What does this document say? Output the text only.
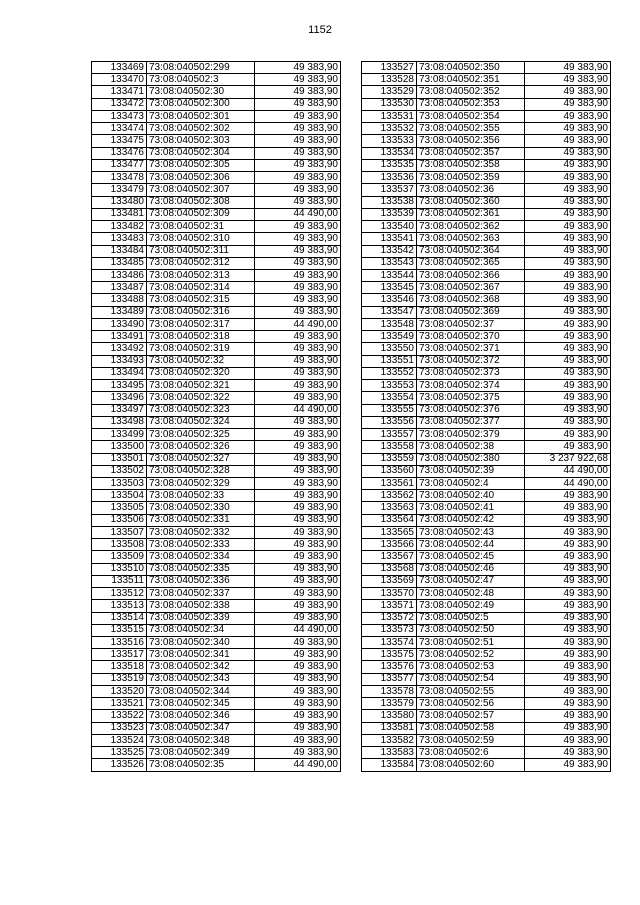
1152
133469	73:08:040502:299	49 383,90
133470	73:08:040502:3	49 383,90
133471	73:08:040502:30	49 383,90
133472	73:08:040502:300	49 383,90
133473	73:08:040502:301	49 383,90
133474	73:08:040502:302	49 383,90
133475	73:08:040502:303	49 383,90
133476	73:08:040502:304	49 383,90
133477	73:08:040502:305	49 383,90
133478	73:08:040502:306	49 383,90
133479	73:08:040502:307	49 383,90
133480	73:08:040502:308	49 383,90
133481	73:08:040502:309	44 490,00
133482	73:08:040502:31	49 383,90
133483	73:08:040502:310	49 383,90
133484	73:08:040502:311	49 383,90
133485	73:08:040502:312	49 383,90
133486	73:08:040502:313	49 383,90
133487	73:08:040502:314	49 383,90
133488	73:08:040502:315	49 383,90
133489	73:08:040502:316	49 383,90
133490	73:08:040502:317	44 490,00
133491	73:08:040502:318	49 383,90
133492	73:08:040502:319	49 383,90
133493	73:08:040502:32	49 383,90
133494	73:08:040502:320	49 383,90
133495	73:08:040502:321	49 383,90
133496	73:08:040502:322	49 383,90
133497	73:08:040502:323	44 490,00
133498	73:08:040502:324	49 383,90
133499	73:08:040502:325	49 383,90
133500	73:08:040502:326	49 383,90
133501	73:08:040502:327	49 383,90
133502	73:08:040502:328	49 383,90
133503	73:08:040502:329	49 383,90
133504	73:08:040502:33	49 383,90
133505	73:08:040502:330	49 383,90
133506	73:08:040502:331	49 383,90
133507	73:08:040502:332	49 383,90
133508	73:08:040502:333	49 383,90
133509	73:08:040502:334	49 383,90
133510	73:08:040502:335	49 383,90
133511	73:08:040502:336	49 383,90
133512	73:08:040502:337	49 383,90
133513	73:08:040502:338	49 383,90
133514	73:08:040502:339	49 383,90
133515	73:08:040502:34	44 490,00
133516	73:08:040502:340	49 383,90
133517	73:08:040502:341	49 383,90
133518	73:08:040502:342	49 383,90
133519	73:08:040502:343	49 383,90
133520	73:08:040502:344	49 383,90
133521	73:08:040502:345	49 383,90
133522	73:08:040502:346	49 383,90
133523	73:08:040502:347	49 383,90
133524	73:08:040502:348	49 383,90
133525	73:08:040502:349	49 383,90
133526	73:08:040502:35	44 490,00
133527	73:08:040502:350	49 383,90
133528	73:08:040502:351	49 383,90
133529	73:08:040502:352	49 383,90
133530	73:08:040502:353	49 383,90
133531	73:08:040502:354	49 383,90
133532	73:08:040502:355	49 383,90
133533	73:08:040502:356	49 383,90
133534	73:08:040502:357	49 383,90
133535	73:08:040502:358	49 383,90
133536	73:08:040502:359	49 383,90
133537	73:08:040502:36	49 383,90
133538	73:08:040502:360	49 383,90
133539	73:08:040502:361	49 383,90
133540	73:08:040502:362	49 383,90
133541	73:08:040502:363	49 383,90
133542	73:08:040502:364	49 383,90
133543	73:08:040502:365	49 383,90
133544	73:08:040502:366	49 383,90
133545	73:08:040502:367	49 383,90
133546	73:08:040502:368	49 383,90
133547	73:08:040502:369	49 383,90
133548	73:08:040502:37	49 383,90
133549	73:08:040502:370	49 383,90
133550	73:08:040502:371	49 383,90
133551	73:08:040502:372	49 383,90
133552	73:08:040502:373	49 383,90
133553	73:08:040502:374	49 383,90
133554	73:08:040502:375	49 383,90
133555	73:08:040502:376	49 383,90
133556	73:08:040502:377	49 383,90
133557	73:08:040502:379	49 383,90
133558	73:08:040502:38	49 383,90
133559	73:08:040502:380	3 237 922,68
133560	73:08:040502:39	44 490,00
133561	73:08:040502:4	44 490,00
133562	73:08:040502:40	49 383,90
133563	73:08:040502:41	49 383,90
133564	73:08:040502:42	49 383,90
133565	73:08:040502:43	49 383,90
133566	73:08:040502:44	49 383,90
133567	73:08:040502:45	49 383,90
133568	73:08:040502:46	49 383,90
133569	73:08:040502:47	49 383,90
133570	73:08:040502:48	49 383,90
133571	73:08:040502:49	49 383,90
133572	73:08:040502:5	49 383,90
133573	73:08:040502:50	49 383,90
133574	73:08:040502:51	49 383,90
133575	73:08:040502:52	49 383,90
133576	73:08:040502:53	49 383,90
133577	73:08:040502:54	49 383,90
133578	73:08:040502:55	49 383,90
133579	73:08:040502:56	49 383,90
133580	73:08:040502:57	49 383,90
133581	73:08:040502:58	49 383,90
133582	73:08:040502:59	49 383,90
133583	73:08:040502:6	49 383,90
133584	73:08:040502:60	49 383,90
